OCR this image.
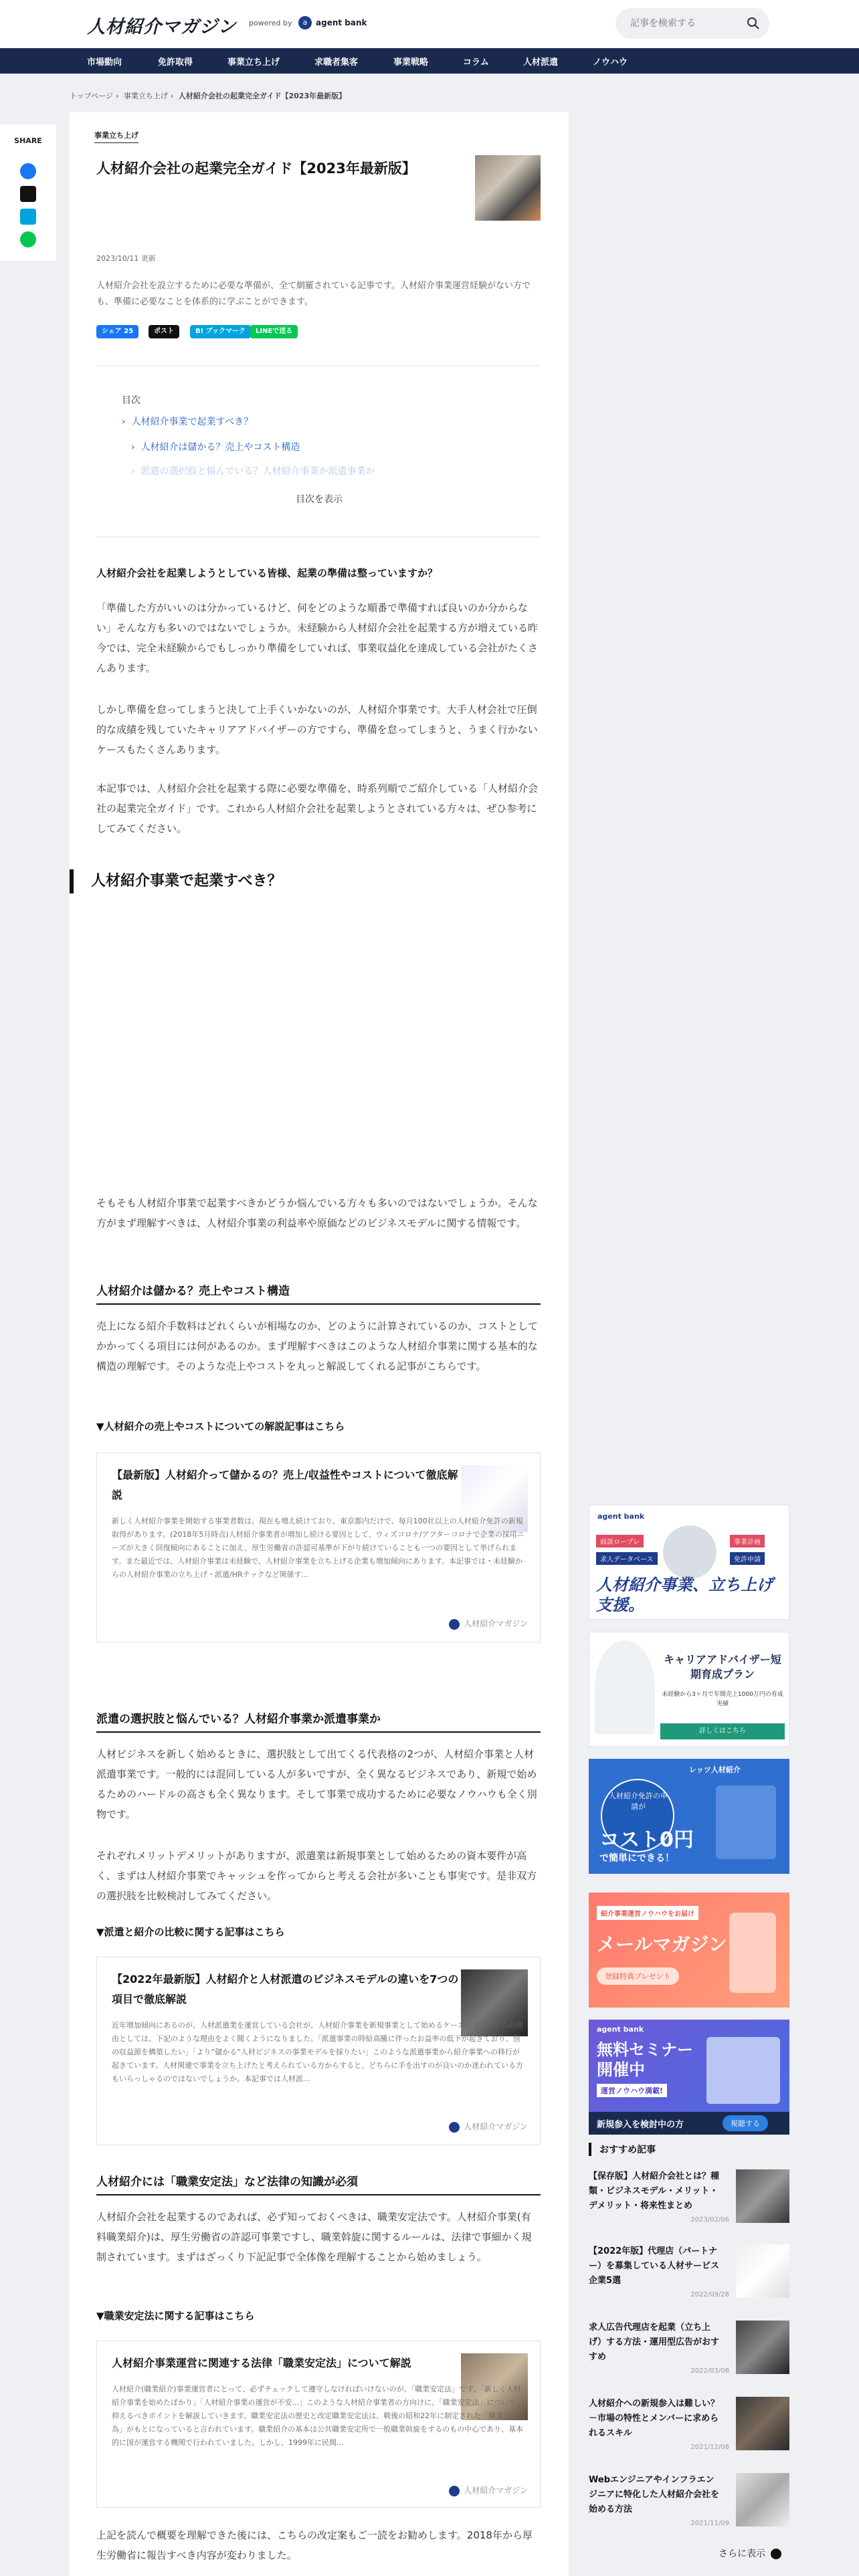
人材紹介マガジン powered by	a	agent bank
記事を検索する
市場動向	免許取得	事業立ち上げ	求職者集客	事業戦略	コラム	人材派遣	ノウハウ
トップページ › 事業立ち上げ › 人材紹介会社の起業完全ガイド【2023年最新版】
SHARE
事業立ち上げ
人材紹介会社の起業完全ガイド【2023年最新版】
2023/10/11 更新
人材紹介会社を設立するために必要な準備が、全て網羅されている記事です。人材紹介事業運営経験がない方でも、準備に必要なことを体系的に学ぶことができます。
シェア 25	ポスト	B! ブックマーク	LINEで送る
目次
›  人材紹介事業で起業すべき？
›  人材紹介は儲かる？売上やコスト構造
›  派遣の選択肢と悩んでいる？人材紹介事業か派遣事業か
目次を表示
人材紹介会社を起業しようとしている皆様、起業の準備は整っていますか？
「準備した方がいいのは分かっているけど、何をどのような順番で準備すれば良いのか分からない」そんな方も多いのではないでしょうか。未経験から人材紹介会社を起業する方が増えている昨今では、完全未経験からでもしっかり準備をしていれば、事業収益化を達成している会社がたくさんあります。
しかし準備を怠ってしまうと決して上手くいかないのが、人材紹介事業です。大手人材会社で圧倒的な成績を残していたキャリアアドバイザーの方ですら、準備を怠ってしまうと、うまく行かないケースもたくさんあります。
本記事では、人材紹介会社を起業する際に必要な準備を、時系列順でご紹介している「人材紹介会社の起業完全ガイド」です。これから人材紹介会社を起業しようとされている方々は、ぜひ参考にしてみてください。
人材紹介事業で起業すべき？
そもそも人材紹介事業で起業すべきかどうか悩んでいる方々も多いのではないでしょうか。そんな方がまず理解すべきは、人材紹介事業の利益率や原価などのビジネスモデルに関する情報です。
人材紹介は儲かる？売上やコスト構造
売上になる紹介手数料はどれくらいが相場なのか、どのように計算されているのか、コストとしてかかってくる項目には何があるのか。まず理解すべきはこのような人材紹介事業に関する基本的な構造の理解です。そのような売上やコストを丸っと解説してくれる記事がこちらです。
▼人材紹介の売上やコストについての解説記事はこちら
【最新版】人材紹介って儲かるの？売上/収益性やコストについて徹底解説
新しく人材紹介事業を開始する事業者数は、現在も増え続けており、東京都内だけで、毎月100社以上の人材紹介免許の新規取得があります。(2018年5月時点)人材紹介事業者が増加し続ける要因として、ウィズコロナ/アフターコロナで企業の採用ニーズが大きく回復傾向にあることに加え、厚生労働省の許認可基準が下がり続けていることも一つの要因として挙げられます。また最近では、人材紹介事業は未経験で、人材紹介事業を立ち上げる企業も増加傾向にあります。本記事では・未経験からの人材紹介事業の立ち上げ・派遣/HRテックなど関係す...
人材紹介マガジン
派遣の選択肢と悩んでいる？人材紹介事業か派遣事業か
人材ビジネスを新しく始めるときに、選択肢として出てくる代表格の2つが、人材紹介事業と人材派遣事業です。一般的には混同している人が多いですが、全く異なるビジネスであり、新規で始めるためのハードルの高さも全く異なります。そして事業で成功するために必要なノウハウも全く別物です。
それぞれメリットデメリットがありますが、派遣業は新規事業として始めるための資本要件が高く、まずは人材紹介事業でキャッシュを作ってからと考える会社が多いことも事実です。是非双方の選択肢を比較検討してみてください。
▼派遣と紹介の比較に関する記事はこちら
【2022年最新版】人材紹介と人材派遣のビジネスモデルの違いを7つの項目で徹底解説
近年增加傾向にあるのが、人材派遣業を運営している会社が、人材紹介事業を新規事業として始めるケースです。こちらの理由としては、下記のような理由をよく聞くようになりました。「派遣事業の時給高騰に伴ったお益率の低下が起きており、別の収益源を構築したい」「より”儲かる”人材ビジネスの事業モデルを採りたい」このような派遣事業から紹介事業への移行が起きています。人材関連で事業を立ち上げたと考えられている方からすると、どちらに手を出すのが良いのか迷われている方もいらっしゃるのではないでしょうか。本記事では人材派...
人材紹介マガジン
人材紹介には「職業安定法」など法律の知識が必須
人材紹介会社を起業するのであれば、必ず知っておくべきは、職業安定法です。人材紹介事業(有料職業紹介)は、厚生労働省の許認可事業ですし、職業斡旋に関するルールは、法律で事細かく規制されています。まずはざっくり下記記事で全体像を理解することから始めましょう。
▼職業安定法に関する記事はこちら
人材紹介事業運営に関連する法律「職業安定法」について解説
人材紹介(職業紹介)事業運営者にとって、必ずチェックして遵守しなければいけないのが、「職業安定法」です。「新しく人材紹介事業を始めたばかり」「人材紹介事業の運営が不安...」このような人材紹介事業者の方向けに、「職業安定法」について、抑えるべきポイントを解説していきます。職業安定法の歴史と改定職業安定法は、戦後の昭和22年に制定された「職業安定行為」がもとになっていると言われています。職業紹介の基本は公共職業安定所で一般職業斡旋をするのもの中心であり、基本的に国が運営する機関で行われていました。しかし、1999年に民間...
人材紹介マガジン
上記を読んで概要を理解できた後には、こちらの改定案もご一読をお勧めします。2018年から厚生労働省に報告すべき内容が変わりました。
agent bank
面談ロープレ
求人データベース
事業計画
免許申請
人材紹介事業、立ち上げ支援。
キャリアアドバイザー短期育成プラン
未経験から3ヶ月で年間売上1000万円の育成実績
詳しくはこちら
レッツ人材紹介
人材紹介免許の申請が
コスト0円
で簡単にできる！
紹介事業運営ノウハウをお届け
メールマガジン
登録特典プレゼント
agent bank
無料セミナー開催中
運営ノウハウ満載!
新規参入を検討中の方	視聴する
おすすめ記事
【保存版】人材紹介会社とは？種類・ビジネスモデル・メリット・デメリット・将来性まとめ
2023/02/06
【2022年版】代理店（パートナー）を募集している人材サービス企業5選
2022/09/28
求人広告代理店を起業（立ち上げ）する方法・運用型広告がおすすめ
2022/03/08
人材紹介への新規参入は難しい？－市場の特性とメンバーに求められるスキル
2021/12/08
Webエンジニアやインフラエンジニアに特化した人材紹介会社を始める方法
2021/11/09
さらに表示
